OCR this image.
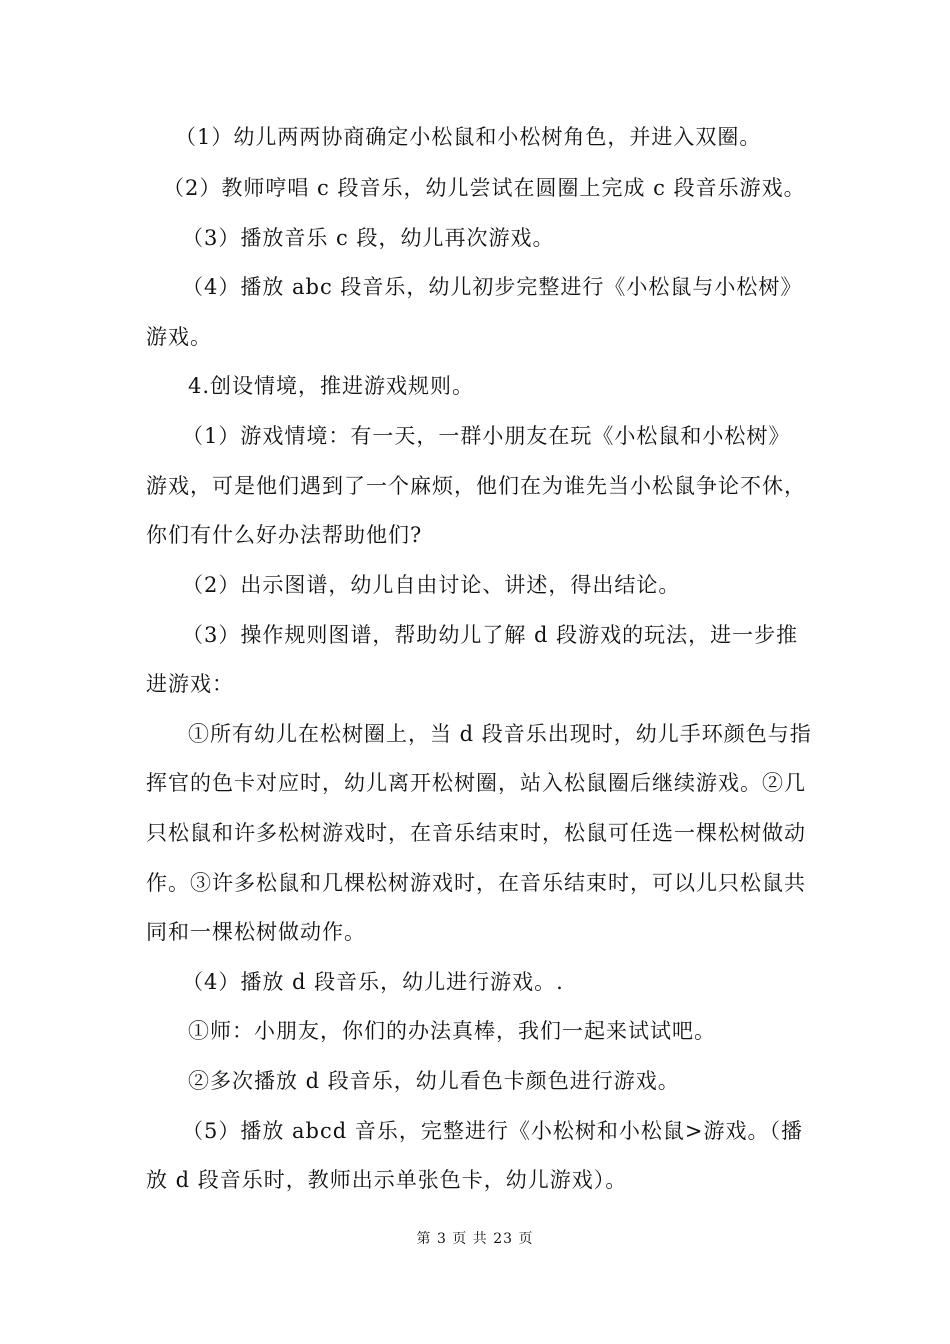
（1）幼儿两两协商确定小松鼠和小松树角色，并进入双圈。
（2）教师哼唱 c 段音乐，幼儿尝试在圆圈上完成 c 段音乐游戏。
（3）播放音乐 c 段，幼儿再次游戏。
（4）播放 abc 段音乐，幼儿初步完整进行《小松鼠与小松树》
游戏。
4.创设情境，推进游戏规则。
（1）游戏情境：有一天，一群小朋友在玩《小松鼠和小松树》
游戏，可是他们遇到了一个麻烦，他们在为谁先当小松鼠争论不休，
你们有什么好办法帮助他们?
（2）出示图谱，幼儿自由讨论、讲述，得出结论。
（3）操作规则图谱，帮助幼儿了解 d 段游戏的玩法，进一步推
进游戏：
①所有幼儿在松树圈上，当 d 段音乐出现时，幼儿手环颜色与指
挥官的色卡对应时，幼儿离开松树圈，站入松鼠圈后继续游戏。②几
只松鼠和许多松树游戏时，在音乐结束时，松鼠可任选一棵松树做动
作。③许多松鼠和几棵松树游戏时，在音乐结束时，可以儿只松鼠共
同和一棵松树做动作。
（4）播放 d 段音乐，幼儿进行游戏。.
①师：小朋友，你们的办法真棒，我们一起来试试吧。
②多次播放 d 段音乐，幼儿看色卡颜色进行游戏。
（5）播放 abcd 音乐，完整进行《小松树和小松鼠>游戏。（播
放 d 段音乐时，教师出示单张色卡，幼儿游戏）。
第 3 页 共 23 页
